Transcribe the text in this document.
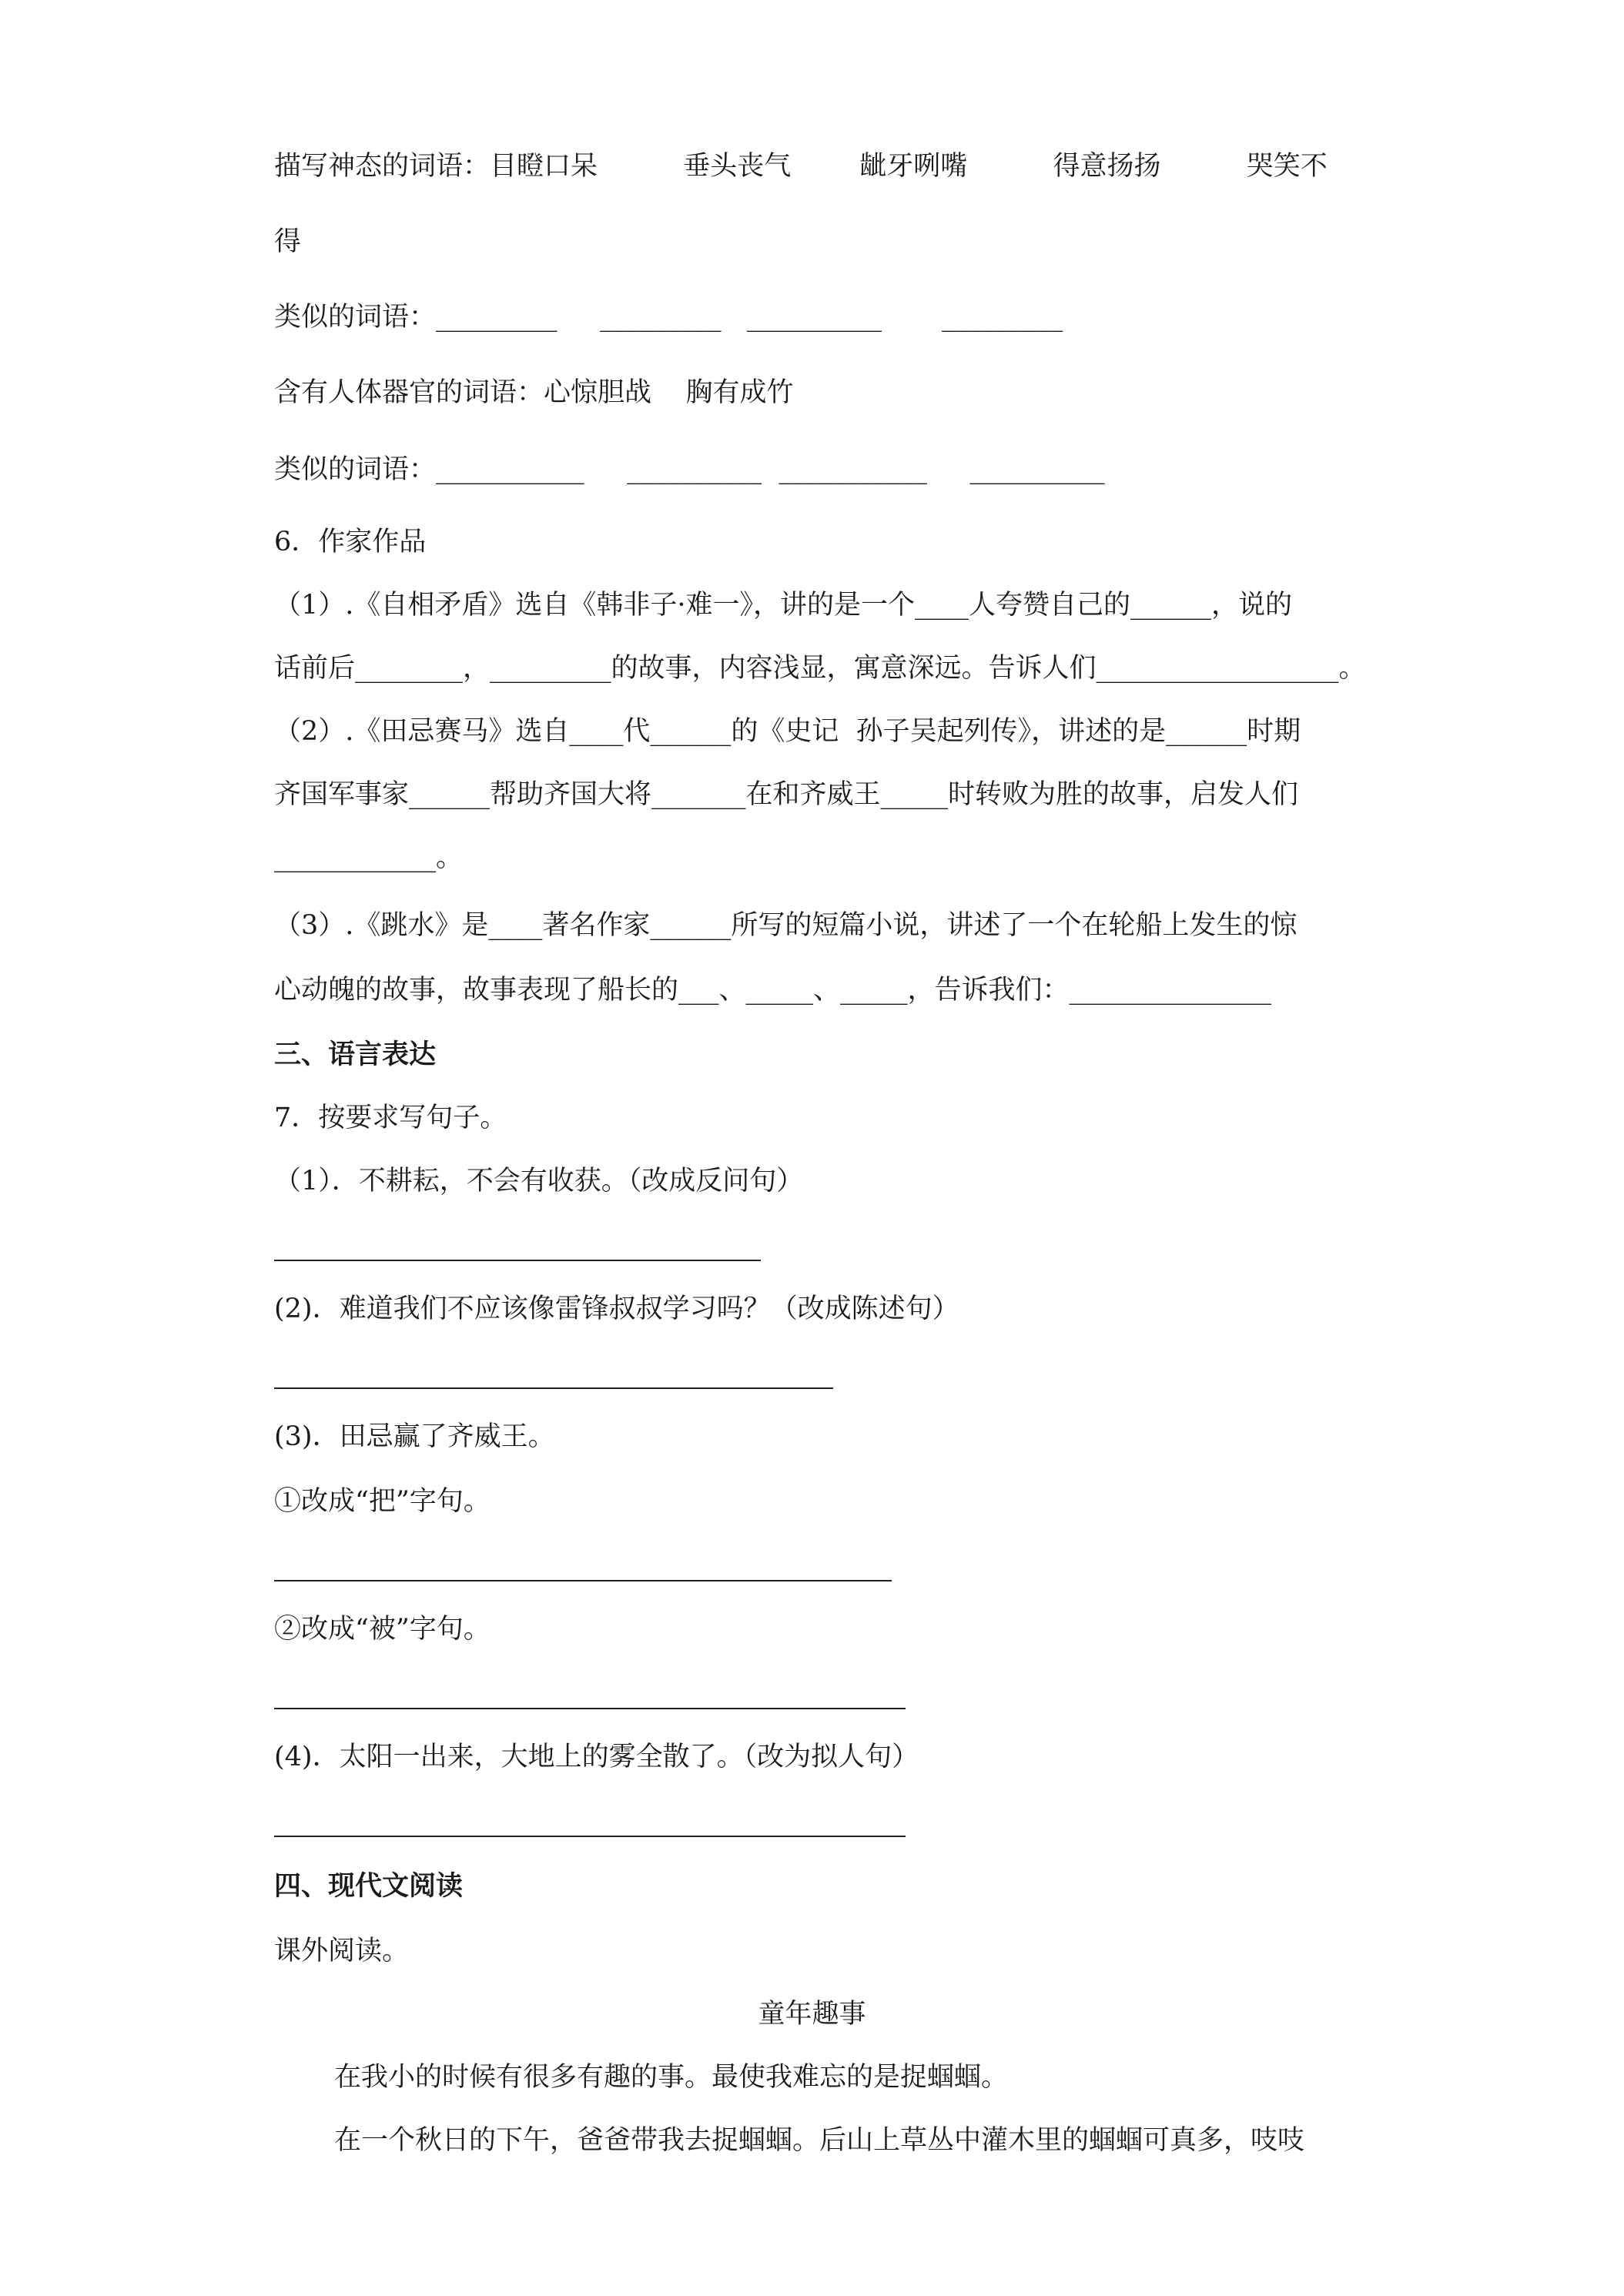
描写神态的词语：目瞪口呆          垂头丧气        龇牙咧嘴          得意扬扬          哭笑不
得
类似的词语：_________     _________   __________       _________
含有人体器官的词语：心惊胆战    胸有成竹
类似的词语：___________     __________  ___________     __________
6．作家作品
（1）.《自相矛盾》选自《韩非子·难一》，讲的是一个____人夸赞自己的______，说的
话前后________，_________的故事，内容浅显，寓意深远。告诉人们__________________。
（2）.《田忌赛马》选自____代______的《史记  孙子吴起列传》，讲述的是______时期
齐国军事家______帮助齐国大将_______在和齐威王_____时转败为胜的故事，启发人们
____________。
（3）.《跳水》是____著名作家______所写的短篇小说，讲述了一个在轮船上发生的惊
心动魄的故事，故事表现了船长的___、_____、_____，告诉我们：_______________
三、语言表达
7．按要求写句子。
（1）．不耕耘，不会有收获。（改成反问句）
(2)．难道我们不应该像雷锋叔叔学习吗？（改成陈述句）
(3)．田忌赢了齐威王。
①改成“把”字句。
②改成“被”字句。
(4)．太阳一出来，大地上的雾全散了。（改为拟人句）
四、现代文阅读
课外阅读。
童年趣事
在我小的时候有很多有趣的事。最使我难忘的是捉蝈蝈。
在一个秋日的下午，爸爸带我去捉蝈蝈。后山上草丛中灌木里的蝈蝈可真多，吱吱
